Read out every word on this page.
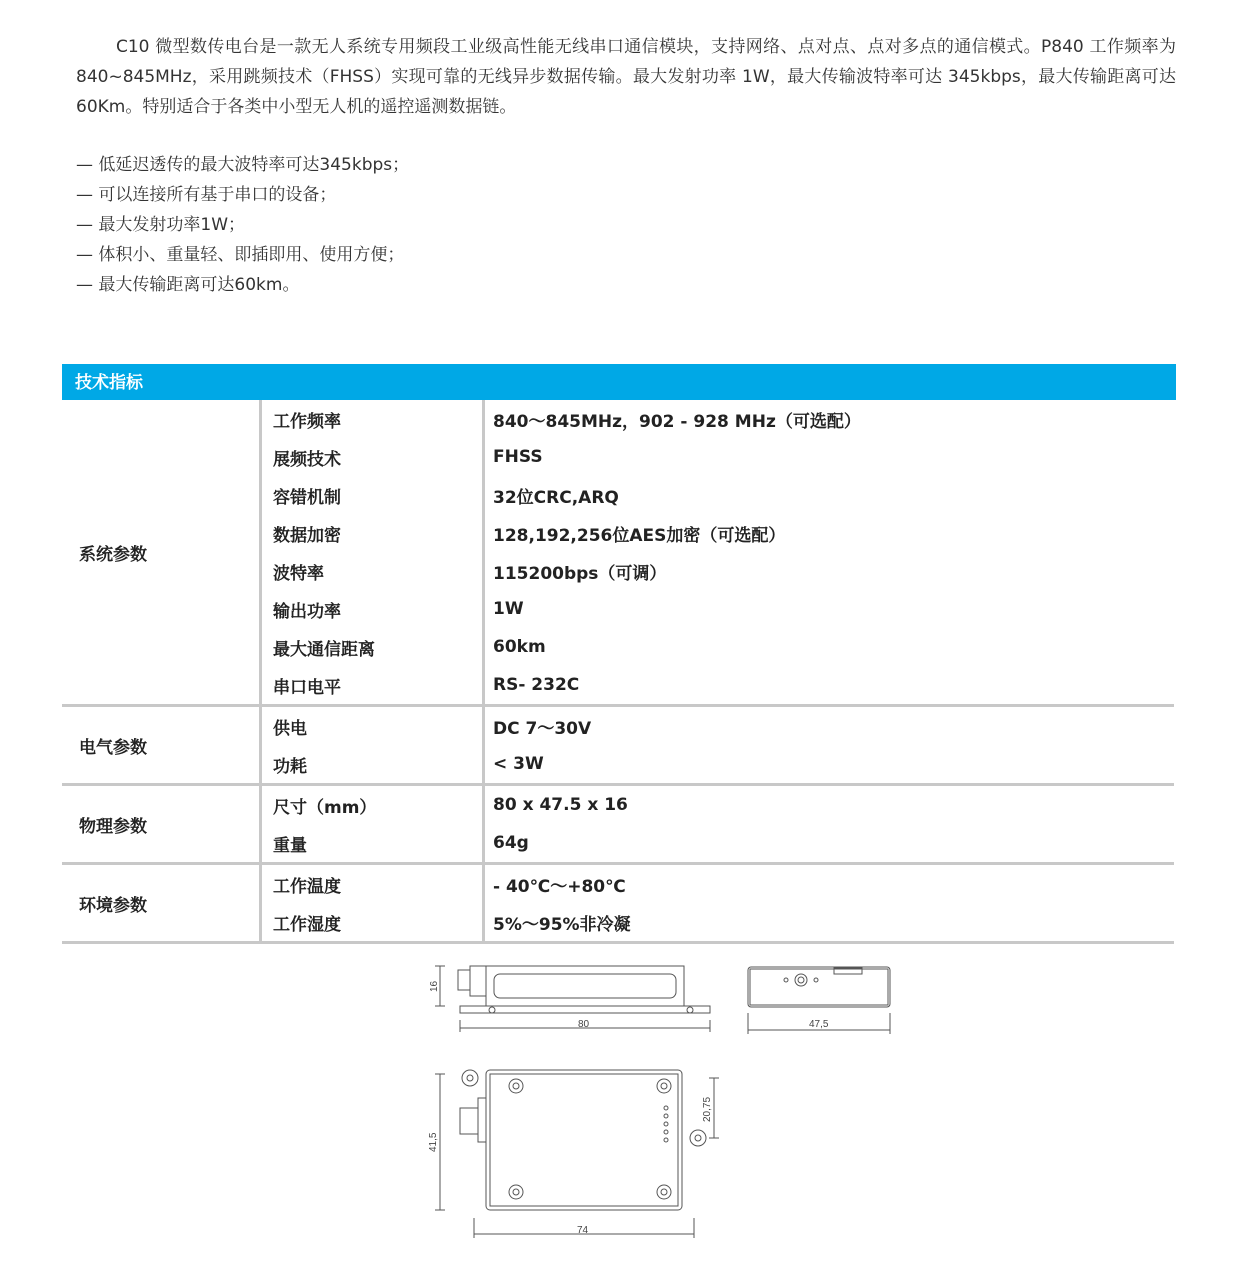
C10 微型数传电台是一款无人系统专用频段工业级高性能无线串口通信模块，支持网络、点对点、点对多点的通信模式。P840 工作频率为 840~845MHz，采用跳频技术（FHSS）实现可靠的无线异步数据传输。最大发射功率 1W，最大传输波特率可达 345kbps，最大传输距离可达 60Km。特别适合于各类中小型无人机的遥控遥测数据链。

— 低延迟透传的最大波特率可达345kbps；
— 可以连接所有基于串口的设备；
— 最大发射功率1W；
— 体积小、重量轻、即插即用、使用方便；
— 最大传输距离可达60km。
技术指标
系统参数
工作频率	840～845MHz，902 - 928 MHz（可选配）
展频技术	FHSS
容错机制	32位CRC,ARQ
数据加密	128,192,256位AES加密（可选配）
波特率	115200bps（可调）
输出功率	1W
最大通信距离	60km
串口电平	RS- 232C
电气参数
供电	DC 7～30V
功耗	< 3W
物理参数
尺寸（mm）	80 x 47.5 x 16
重量	64g
环境参数
工作温度	- 40℃～+80℃
工作湿度	5%～95%非冷凝
16
80	47,5
41,5
20,75
74
